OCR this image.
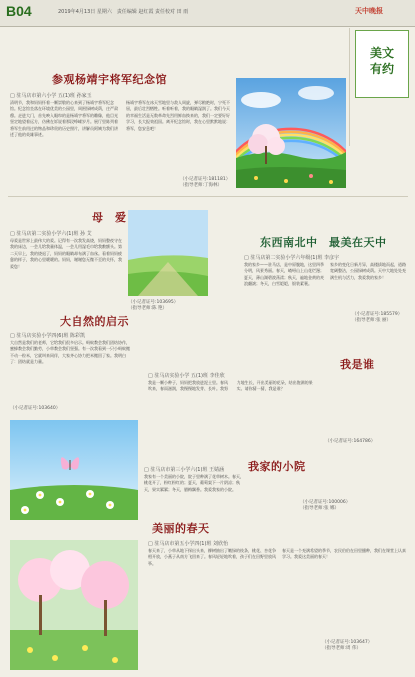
B04	2019年4月13日 星期六　责任编辑 赵红霞 责任校对 田 雨	天中晚报
美文
有约
参观杨靖宇将军纪念馆
□ 驻马店市第六小学 五(1)班 孙家玉
清明节，我和妈妈怀着一颗崇敬的心来到了杨靖宇将军纪念馆。纪念馆坐落在环境优美的公园里，周围绿树成荫，庄严肃穆。走进大门，首先映入眼帘的是杨靖宇将军的雕像，他目光坚定地望着远方，仿佛在诉说着那段峥嵘岁月。展厅里陈列着将军生前用过的物品和珍贵的历史照片，讲解员阿姨为我们讲述了他的英雄事迹。
杨靖宇将军在冰天雪地里与敌人周旋，弹尽粮绝时，宁死不屈，最后壮烈牺牲。听着听着，我的眼睛湿润了。我们今天的幸福生活是无数革命先烈用鲜血换来的，我们一定要好好学习，长大报效祖国。离开纪念馆时，我在心里默默地说：将军，您安息吧！
（小记者证号:181181）
（指导老师:丁海林）
母　爱
□ 驻马店第二实验小学六(1)班 孙 艾
母爱是世界上最伟大的爱。记得有一次我发高烧，妈妈整夜守在我的床边，一会儿给我量体温，一会儿用湿毛巾给我敷额头。第二天早上，我的烧退了，妈妈的眼睛却布满了血丝。看着妈妈疲惫的样子，我的心里暖暖的。妈妈，谢谢您无微不至的关怀，我爱您！
（小记者证号:103695）
（指导老师:陈 艳）
东西南北中　最美在天中
□ 驻马店第二实验小学六年级(1)班 李彦宇
我的家乡——驻马店，是中原腹地，这里四季分明，风景秀丽。春天，嵖岈山上山花烂漫；夏天，薄山湖碧波荡漾；秋天，遍地金黄的麦浪翻滚；冬天，白雪皑皑，银装素裹。
家乡的变化日新月异，高楼拔地而起，道路宽阔整洁，公园绿树成荫。天中大地处处充满生机与活力，我爱我的家乡！
（小记者证号:185579）
（指导老师:张 丽）
大自然的启示
□ 驻马店实验小学四(6)班 陈彩凯
大自然是我们的老师，它给我们很多启示。蚂蚁教会我们团结协作，蜜蜂教会我们勤劳，小草教会我们坚强。有一次我看到一只小蚂蚁搬不动一粒米，它就叫来同伴，大家齐心协力把米搬回了家。我明白了：团结就是力量。
（小记者证号:103640）
我是谁
□ 驻马店实验小学 五(1)班 李佳欣
我是一颗小种子，妈妈把我放进泥土里。春风吹来，春雨滋润，我慢慢地发芽、长叶。我努力地生长，开出美丽的花朵，结出饱满的果实。请你猜一猜，我是谁？
（小记者证号:164786）
我家的小院
□ 驻马店市第三小学六(1)班 王婧涵
我家有一个美丽的小院，院子里种满了花草树木。春天，桃花开了，粉红粉红的；夏天，葡萄架下一片阴凉；秋天，果实累累；冬天，腊梅飘香。我爱我家的小院。
（小记者证号:100006）
（指导老师:张 娜）
美丽的春天
□ 驻马店市第五小学四(1)班 刘欣怡
春天来了，小草从地下探出头来，柳树抽出了嫩绿的枝条，桃花、杏花争相开放，小燕子从南方飞回来了。春风轻轻地吹着，孩子们在田野里放风筝。
春天是一个充满希望的季节，农民伯伯在田里播种，我们在课堂上认真学习。我爱这美丽的春天！
（小记者证号:103647）
（指导老师:周 伟）
